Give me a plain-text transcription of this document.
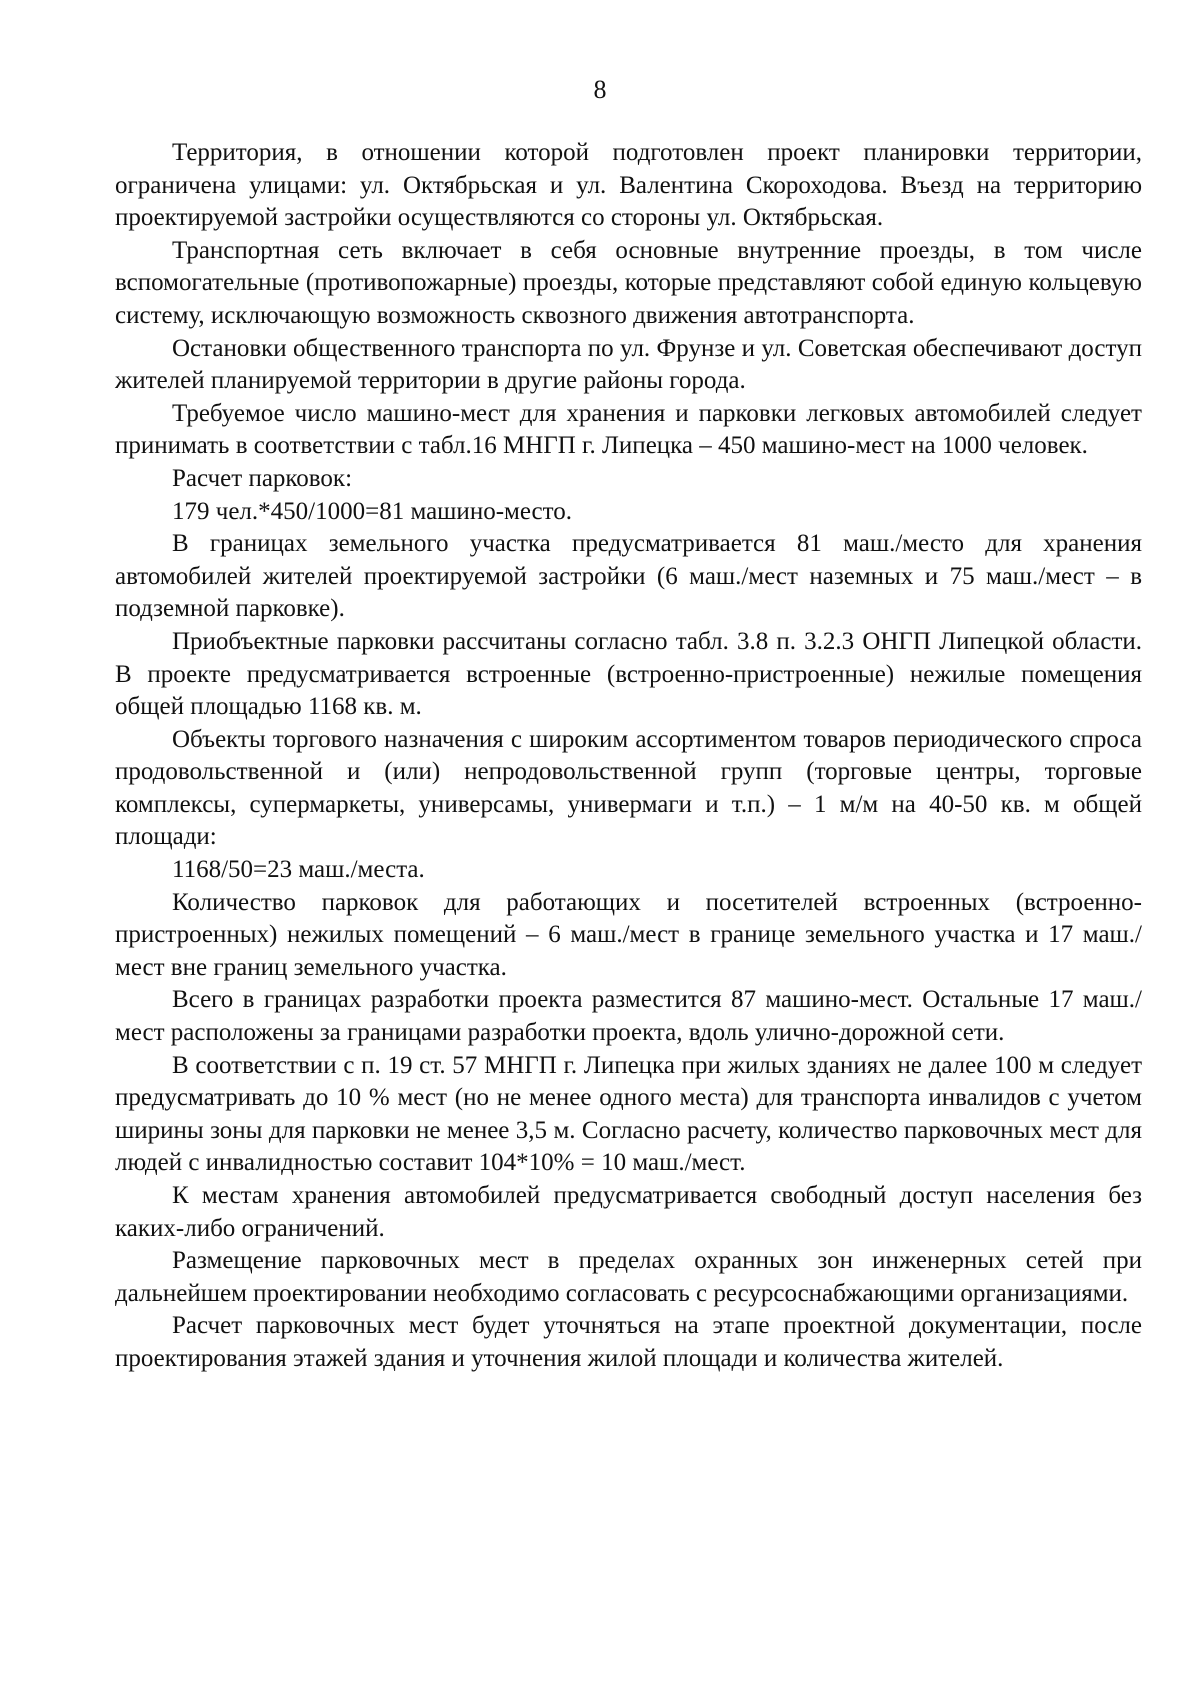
8

Территория, в отношении которой подготовлен проект планировки территории, ограничена улицами: ул. Октябрьская и ул. Валентина Скороходова. Въезд на территорию проектируемой застройки осуществляются со стороны ул. Октябрьская.

Транспортная сеть включает в себя основные внутренние проезды, в том числе вспомогательные (противопожарные) проезды, которые представляют собой единую кольцевую систему, исключающую возможность сквозного движения автотранспорта.

Остановки общественного транспорта по ул. Фрунзе и ул. Советская обеспечивают доступ жителей планируемой территории в другие районы города.

Требуемое число машино-мест для хранения и парковки легковых автомобилей следует принимать в соответствии с табл.16 МНГП г. Липецка – 450 машино-мест на 1000 человек.

Расчет парковок:

179 чел.*450/1000=81 машино-место.

В границах земельного участка предусматривается 81 маш./место для хранения автомобилей жителей проектируемой застройки (6 маш./мест наземных и 75 маш./мест – в подземной парковке).

Приобъектные парковки рассчитаны согласно табл. 3.8 п. 3.2.3 ОНГП Липецкой области. В проекте предусматривается встроенные (встроенно-пристроенные) нежилые помещения общей площадью 1168 кв. м.

Объекты торгового назначения с широким ассортиментом товаров периодического спроса продовольственной и (или) непродовольственной групп (торговые центры, торговые комплексы, супермаркеты, универсамы, универмаги и т.п.) – 1 м/м на 40-50 кв. м общей площади:

1168/50=23 маш./места.

Количество парковок для работающих и посетителей встроенных (встроенно-пристроенных) нежилых помещений – 6 маш./мест в границе земельного участка и 17 маш./мест вне границ земельного участка.

Всего в границах разработки проекта разместится 87 машино-мест. Остальные 17 маш./мест расположены за границами разработки проекта, вдоль улично-дорожной сети.

В соответствии с п. 19 ст. 57 МНГП г. Липецка при жилых зданиях не далее 100 м следует предусматривать до 10 % мест (но не менее одного места) для транспорта инвалидов с учетом ширины зоны для парковки не менее 3,5 м. Согласно расчету, количество парковочных мест для людей с инвалидностью составит 104*10% = 10 маш./мест.

К местам хранения автомобилей предусматривается свободный доступ населения без каких-либо ограничений.

Размещение парковочных мест в пределах охранных зон инженерных сетей при дальнейшем проектировании необходимо согласовать с ресурсоснабжающими организациями.

Расчет парковочных мест будет уточняться на этапе проектной документации, после проектирования этажей здания и уточнения жилой площади и количества жителей.
